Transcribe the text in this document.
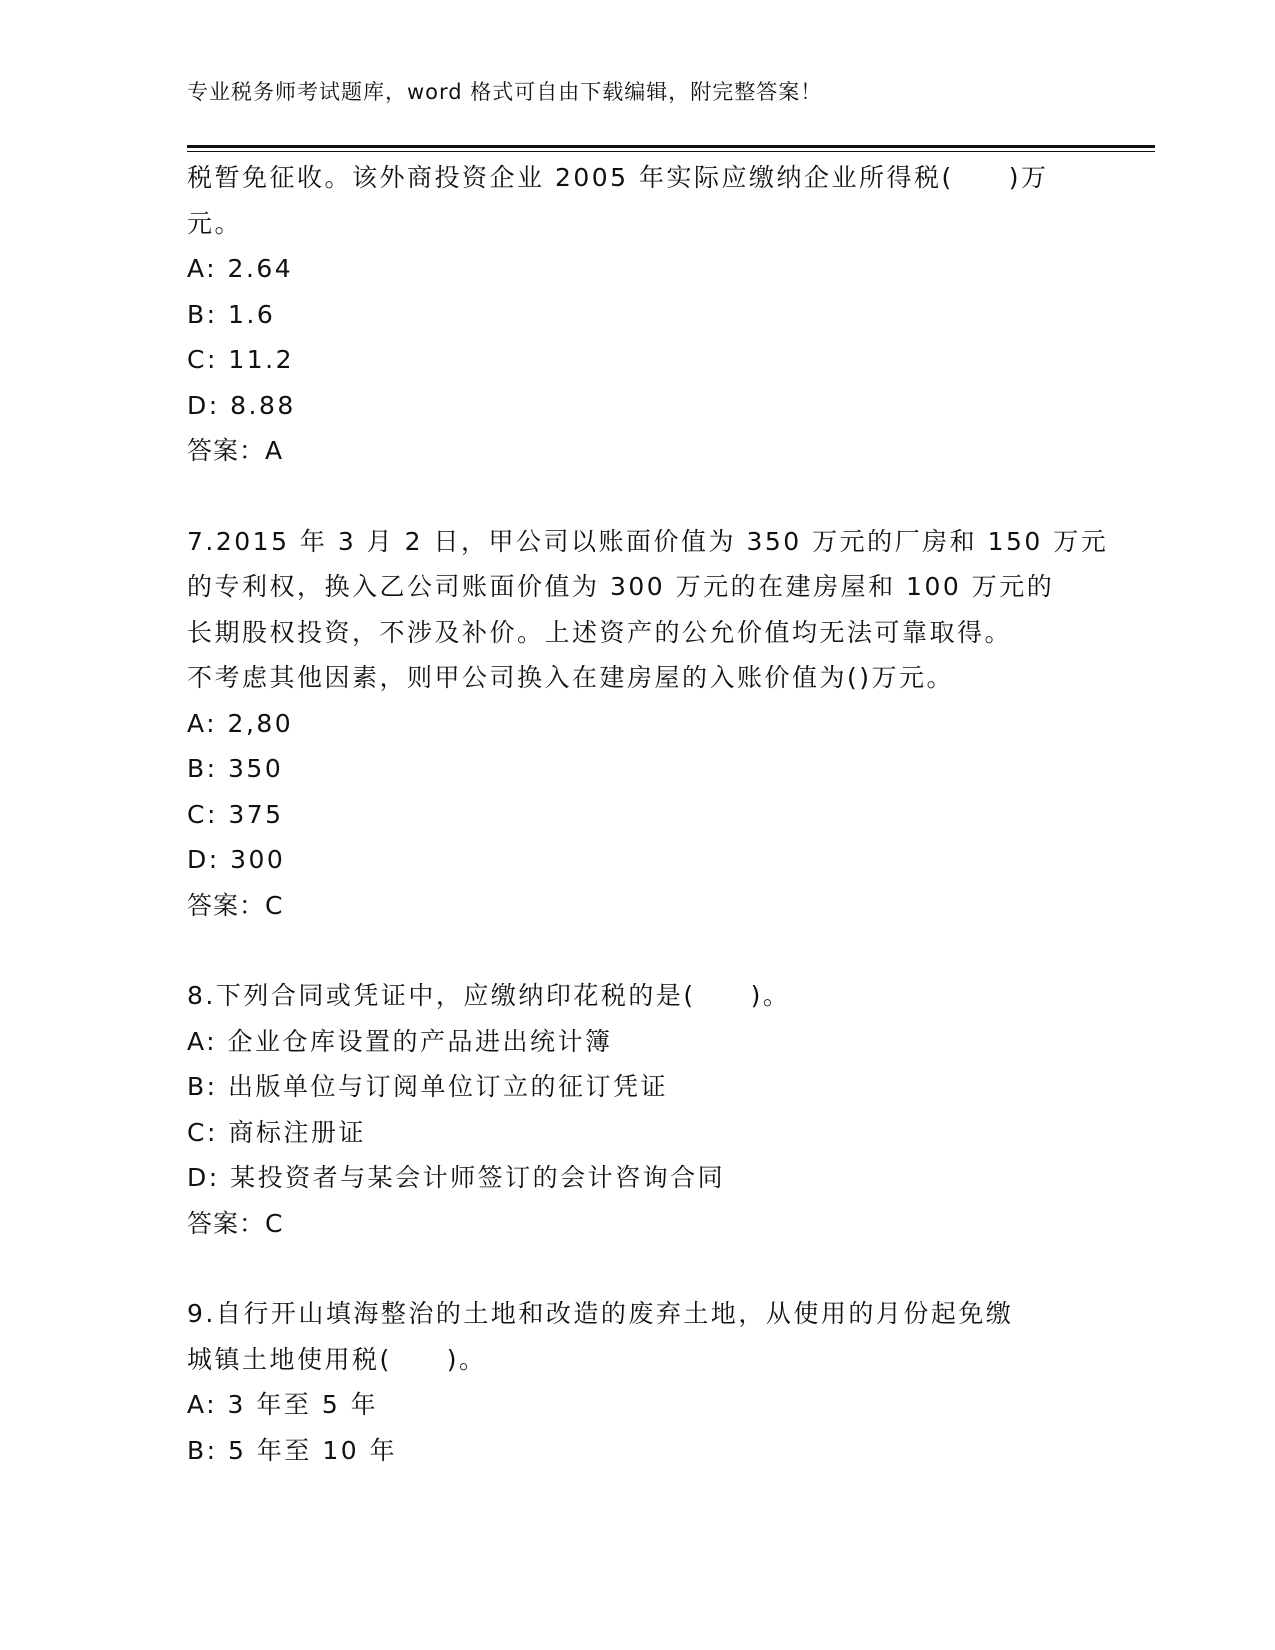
专业税务师考试题库，word 格式可自由下载编辑，附完整答案！
税暂免征收。该外商投资企业 2005 年实际应缴纳企业所得税(　　)万
元。
A: 2.64
B: 1.6
C: 11.2
D: 8.88
答案：A
7.2015 年 3 月 2 日，甲公司以账面价值为 350 万元的厂房和 150 万元
的专利权，换入乙公司账面价值为 300 万元的在建房屋和 100 万元的
长期股权投资，不涉及补价。上述资产的公允价值均无法可靠取得。
不考虑其他因素，则甲公司换入在建房屋的入账价值为()万元。
A: 2,80
B: 350
C: 375
D: 300
答案：C
8.下列合同或凭证中，应缴纳印花税的是(　　)。
A: 企业仓库设置的产品进出统计簿
B: 出版单位与订阅单位订立的征订凭证
C: 商标注册证
D: 某投资者与某会计师签订的会计咨询合同
答案：C
9.自行开山填海整治的土地和改造的废弃土地，从使用的月份起免缴
城镇土地使用税(　　)。
A: 3 年至 5 年
B: 5 年至 10 年
